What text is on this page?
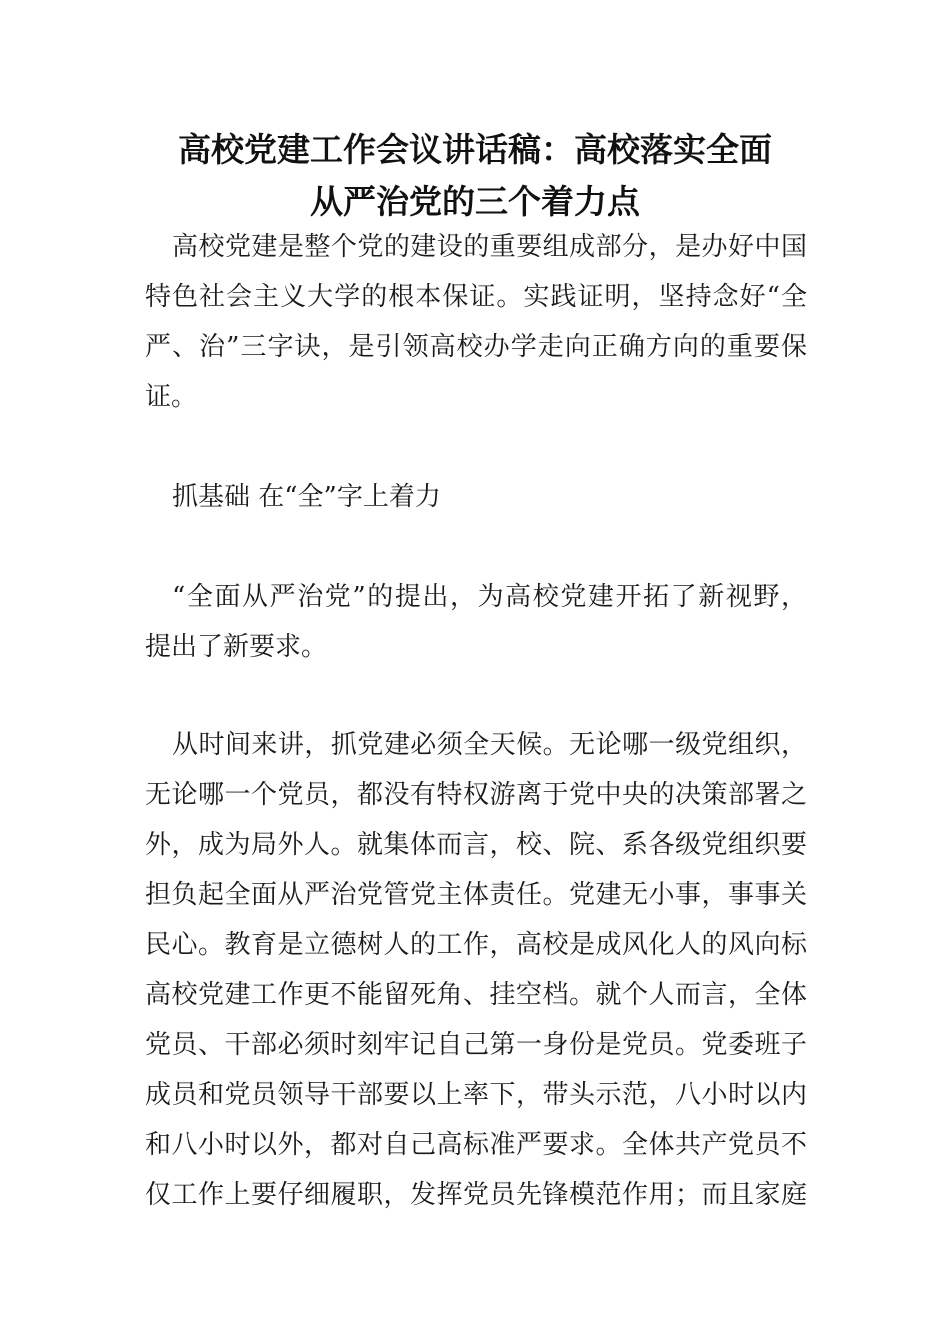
高校党建工作会议讲话稿：高校落实全面
从严治党的三个着力点

高校党建是整个党的建设的重要组成部分，是办好中国
特色社会主义大学的根本保证。实践证明，坚持念好“全
严、治”三字诀，是引领高校办学走向正确方向的重要保
证。

抓基础 在“全”字上着力

“全面从严治党”的提出，为高校党建开拓了新视野，
提出了新要求。

从时间来讲，抓党建必须全天候。无论哪一级党组织，
无论哪一个党员，都没有特权游离于党中央的决策部署之
外，成为局外人。就集体而言，校、院、系各级党组织要
担负起全面从严治党管党主体责任。党建无小事，事事关
民心。教育是立德树人的工作，高校是成风化人的风向标
高校党建工作更不能留死角、挂空档。就个人而言，全体
党员、干部必须时刻牢记自己第一身份是党员。党委班子
成员和党员领导干部要以上率下，带头示范，八小时以内
和八小时以外，都对自己高标准严要求。全体共产党员不
仅工作上要仔细履职，发挥党员先锋模范作用；而且家庭
